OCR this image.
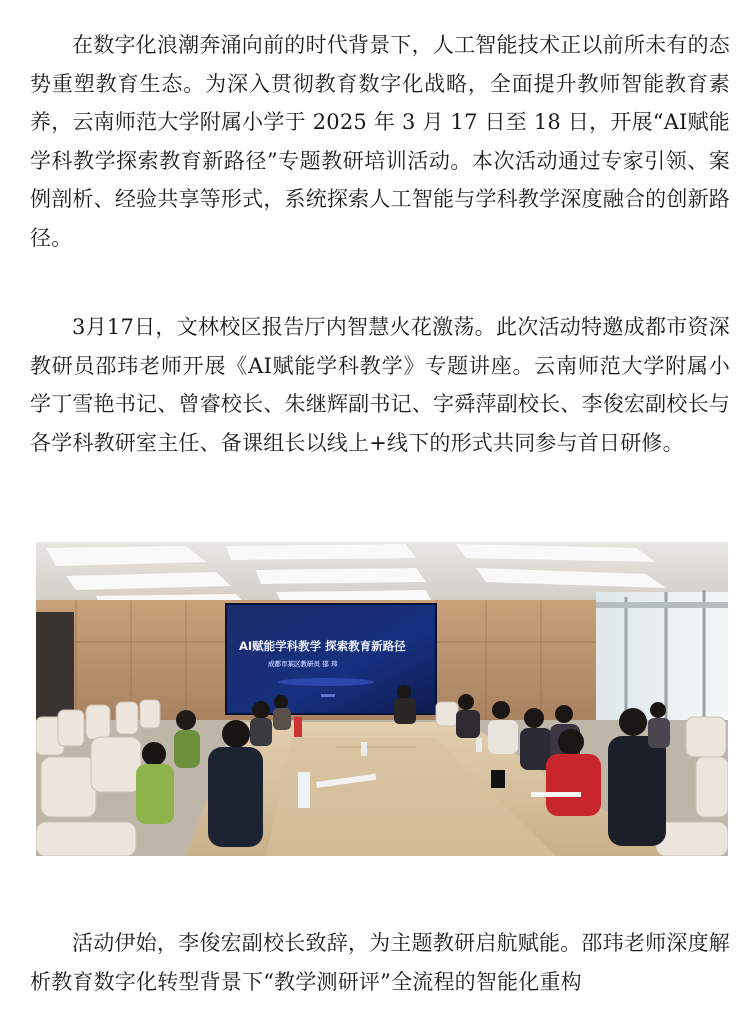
在数字化浪潮奔涌向前的时代背景下，人工智能技术正以前所未有的态势重塑教育生态。为深入贯彻教育数字化战略，全面提升教师智能教育素养，云南师范大学附属小学于 2025 年 3 月 17 日至 18 日，开展“AI赋能学科教学探索教育新路径”专题教研培训活动。本次活动通过专家引领、案例剖析、经验共享等形式，系统探索人工智能与学科教学深度融合的创新路径。

3月17日，文林校区报告厅内智慧火花激荡。此次活动特邀成都市资深教研员邵玮老师开展《AI赋能学科教学》专题讲座。云南师范大学附属小学丁雪艳书记、曾睿校长、朱继辉副书记、字舜萍副校长、李俊宏副校长与各学科教研室主任、备课组长以线上+线下的形式共同参与首日研修。

AI赋能学科教学 探索教育新路径
成都市某区教研员 邵 玮

活动伊始，李俊宏副校长致辞，为主题教研启航赋能。邵玮老师深度解析教育数字化转型背景下“教学测研评”全流程的智能化重构
